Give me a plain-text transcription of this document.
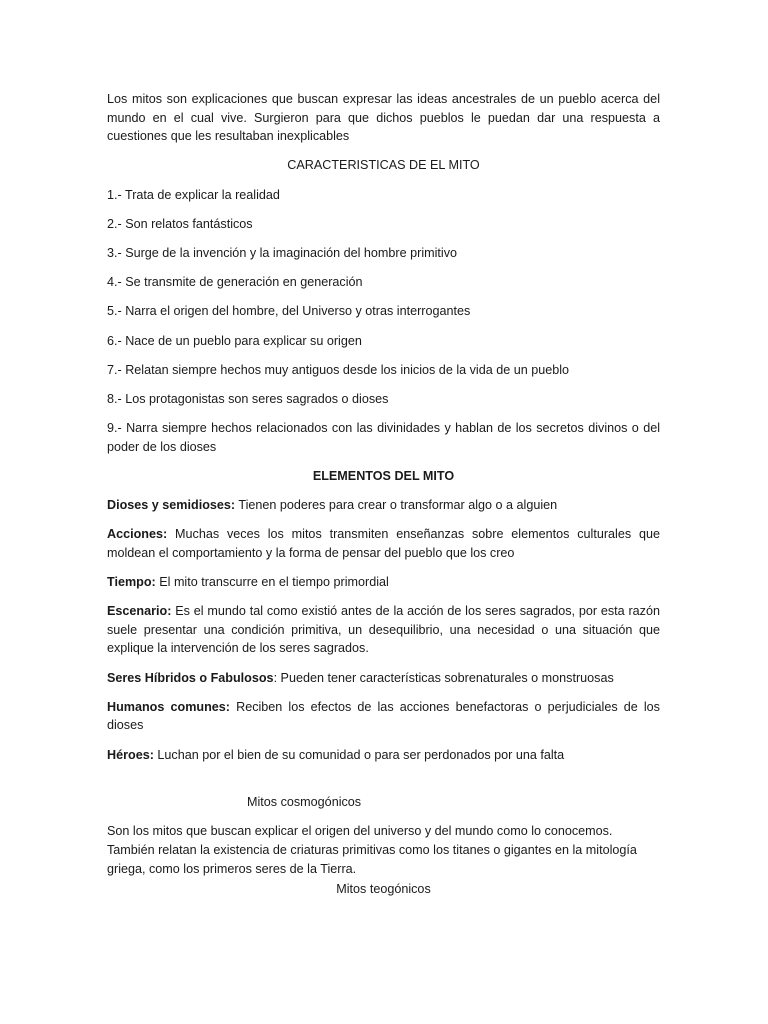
Los mitos son explicaciones que buscan expresar las ideas ancestrales de un pueblo acerca del mundo en el cual vive. Surgieron para que dichos pueblos le puedan dar una respuesta a cuestiones que les resultaban inexplicables

CARACTERISTICAS DE EL MITO

1.- Trata de explicar la realidad

2.- Son relatos fantásticos

3.- Surge de la invención y la imaginación del hombre primitivo

4.- Se transmite de generación en generación

5.- Narra el origen del hombre, del Universo y otras interrogantes

6.- Nace de un pueblo para explicar su origen

7.- Relatan siempre hechos muy antiguos desde los inicios de la vida de un pueblo

8.- Los protagonistas son seres sagrados o dioses

9.- Narra siempre hechos relacionados con las divinidades y hablan de los secretos divinos o del poder de los dioses

ELEMENTOS DEL MITO

Dioses y semidioses: Tienen poderes para crear o transformar algo o a alguien

Acciones: Muchas veces los mitos transmiten enseñanzas sobre elementos culturales que moldean el comportamiento y la forma de pensar del pueblo que los creo

Tiempo: El mito transcurre en el tiempo primordial

Escenario: Es el mundo tal como existió antes de la acción de los seres sagrados, por esta razón suele presentar una condición primitiva, un desequilibrio, una necesidad o una situación que explique la intervención de los seres sagrados.

Seres Híbridos o Fabulosos: Pueden tener características sobrenaturales o monstruosas

Humanos comunes: Reciben los efectos de las acciones benefactoras o perjudiciales de los dioses

Héroes: Luchan por el bien de su comunidad o para ser perdonados por una falta

Mitos cosmogónicos

Son los mitos que buscan explicar el origen del universo y del mundo como lo conocemos. También relatan la existencia de criaturas primitivas como los titanes o gigantes en la mitología griega, como los primeros seres de la Tierra.

Mitos teogónicos
